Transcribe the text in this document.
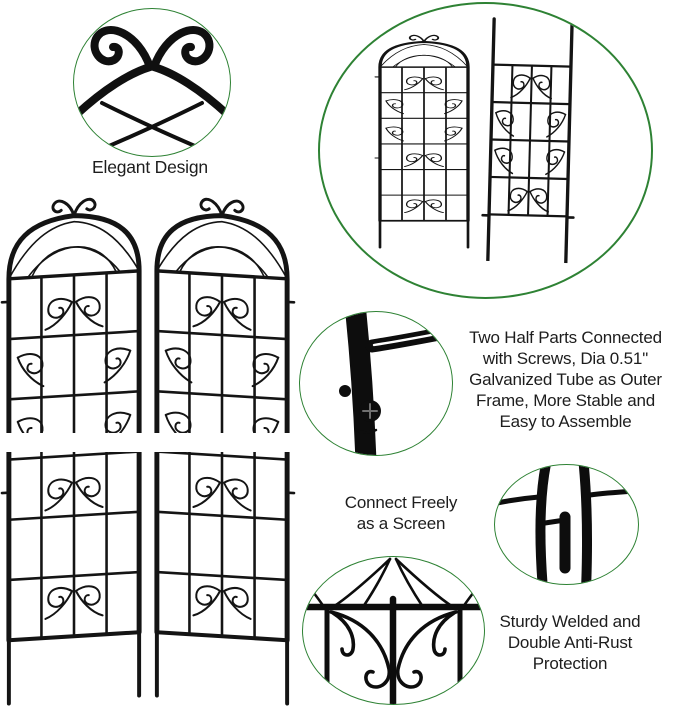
Elegant Design
Two Half Parts Connected
with Screws, Dia 0.51''
Galvanized Tube as Outer
Frame, More Stable and
Easy to Assemble
Connect Freely
as a Screen
Sturdy Welded and
Double Anti-Rust
Protection
